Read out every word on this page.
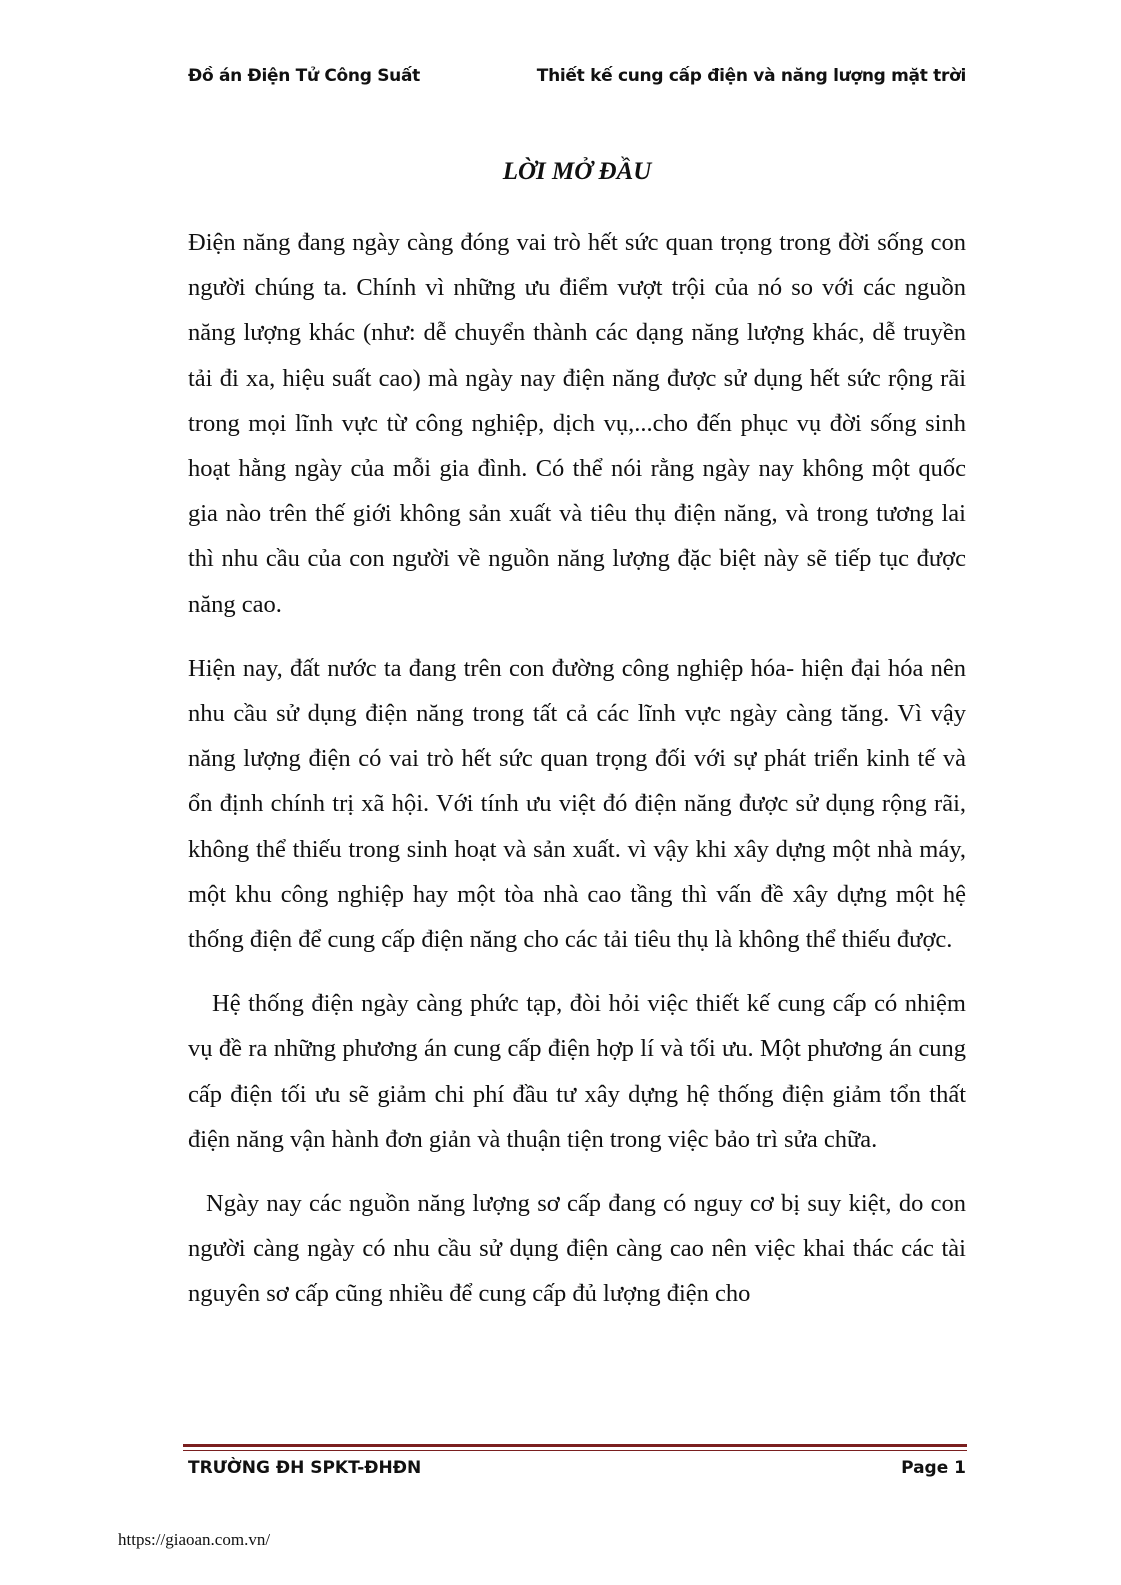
Đồ án Điện Tử Công Suất	Thiết kế cung cấp điện và năng lượng mặt trời
LỜI MỞ ĐẦU

Điện năng đang ngày càng đóng vai trò hết sức quan trọng trong đời sống con người chúng ta. Chính vì những ưu điểm vượt trội của nó so với các nguồn năng lượng khác (như: dễ chuyển thành các dạng năng lượng khác, dễ truyền tải đi xa, hiệu suất cao) mà ngày nay điện năng được sử dụng hết sức rộng rãi trong mọi lĩnh vực từ công nghiệp, dịch vụ,...cho đến phục vụ đời sống sinh hoạt hằng ngày của mỗi gia đình. Có thể nói rằng ngày nay không một quốc gia nào trên thế giới không sản xuất và tiêu thụ điện năng, và trong tương lai thì nhu cầu của con người về nguồn năng lượng đặc biệt này sẽ tiếp tục được năng cao.

Hiện nay, đất nước ta đang trên con đường công nghiệp hóa- hiện đại hóa nên nhu cầu sử dụng điện năng trong tất cả các lĩnh vực ngày càng tăng. Vì vậy năng lượng điện có vai trò hết sức quan trọng đối với sự phát triển kinh tế và ổn định chính trị xã hội. Với tính ưu việt đó điện năng được sử dụng rộng rãi, không thể thiếu trong sinh hoạt và sản xuất. vì vậy khi xây dựng một nhà máy, một khu công nghiệp hay một tòa nhà cao tầng thì vấn đề xây dựng một hệ thống điện để cung cấp điện năng cho các tải tiêu thụ là không thể thiếu được.

Hệ thống điện ngày càng phức tạp, đòi hỏi việc thiết kế cung cấp có nhiệm vụ đề ra những phương án cung cấp điện hợp lí và tối ưu. Một phương án cung cấp điện tối ưu sẽ giảm chi phí đầu tư xây dựng hệ thống điện giảm tổn thất điện năng vận hành đơn giản và thuận tiện trong việc bảo trì sửa chữa.

Ngày nay các nguồn năng lượng sơ cấp đang có nguy cơ bị suy kiệt, do con người càng ngày có nhu cầu sử dụng điện càng cao nên việc khai thác các tài nguyên sơ cấp cũng nhiều để cung cấp đủ lượng điện cho

TRƯỜNG ĐH SPKT-ĐHĐN	Page 1
https://giaoan.com.vn/
